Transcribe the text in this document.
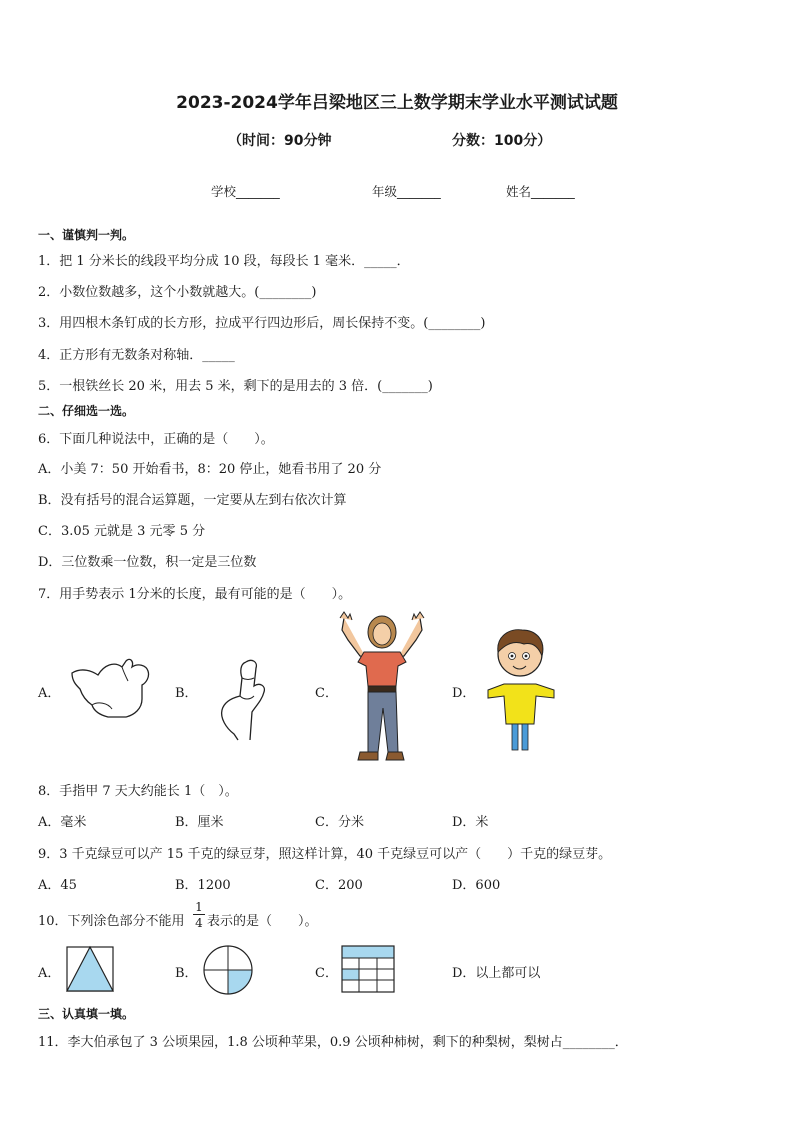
2023-2024学年吕梁地区三上数学期末学业水平测试试题
（时间：90分钟	分数：100分）
学校_______	年级_______	姓名_______
一、谨慎判一判。
1．把 1 分米长的线段平均分成 10 段，每段长 1 毫米．_____．
2．小数位数越多，这个小数就越大。(________)
3．用四根木条钉成的长方形，拉成平行四边形后，周长保持不变。(________)
4．正方形有无数条对称轴．_____
5．一根铁丝长 20 米，用去 5 米，剩下的是用去的 3 倍．(_______)
二、仔细选一选。
6．下面几种说法中，正确的是（　　）。
A．小美 7：50 开始看书，8：20 停止，她看书用了 20 分
B．没有括号的混合运算题，一定要从左到右依次计算
C．3.05 元就是 3 元零 5 分
D．三位数乘一位数，积一定是三位数
7．用手势表示 1分米的长度，最有可能的是（　　）。
A．	B．	C．	D．
8．手指甲 7 天大约能长 1（　）。
A．毫米	B．厘米	C．分米	D．米
9．3 千克绿豆可以产 15 千克的绿豆芽，照这样计算，40 千克绿豆可以产（　　）千克的绿豆芽。
A．45	B．1200	C．200	D．600
10．下列涂色部分不能用 $\frac{1}{4}$ 表示的是（　　）。
A．	B．	C．	D．以上都可以
三、认真填一填。
11．李大伯承包了 3 公顷果园，1.8 公顷种苹果，0.9 公顷种柿树，剩下的种梨树，梨树占________．
